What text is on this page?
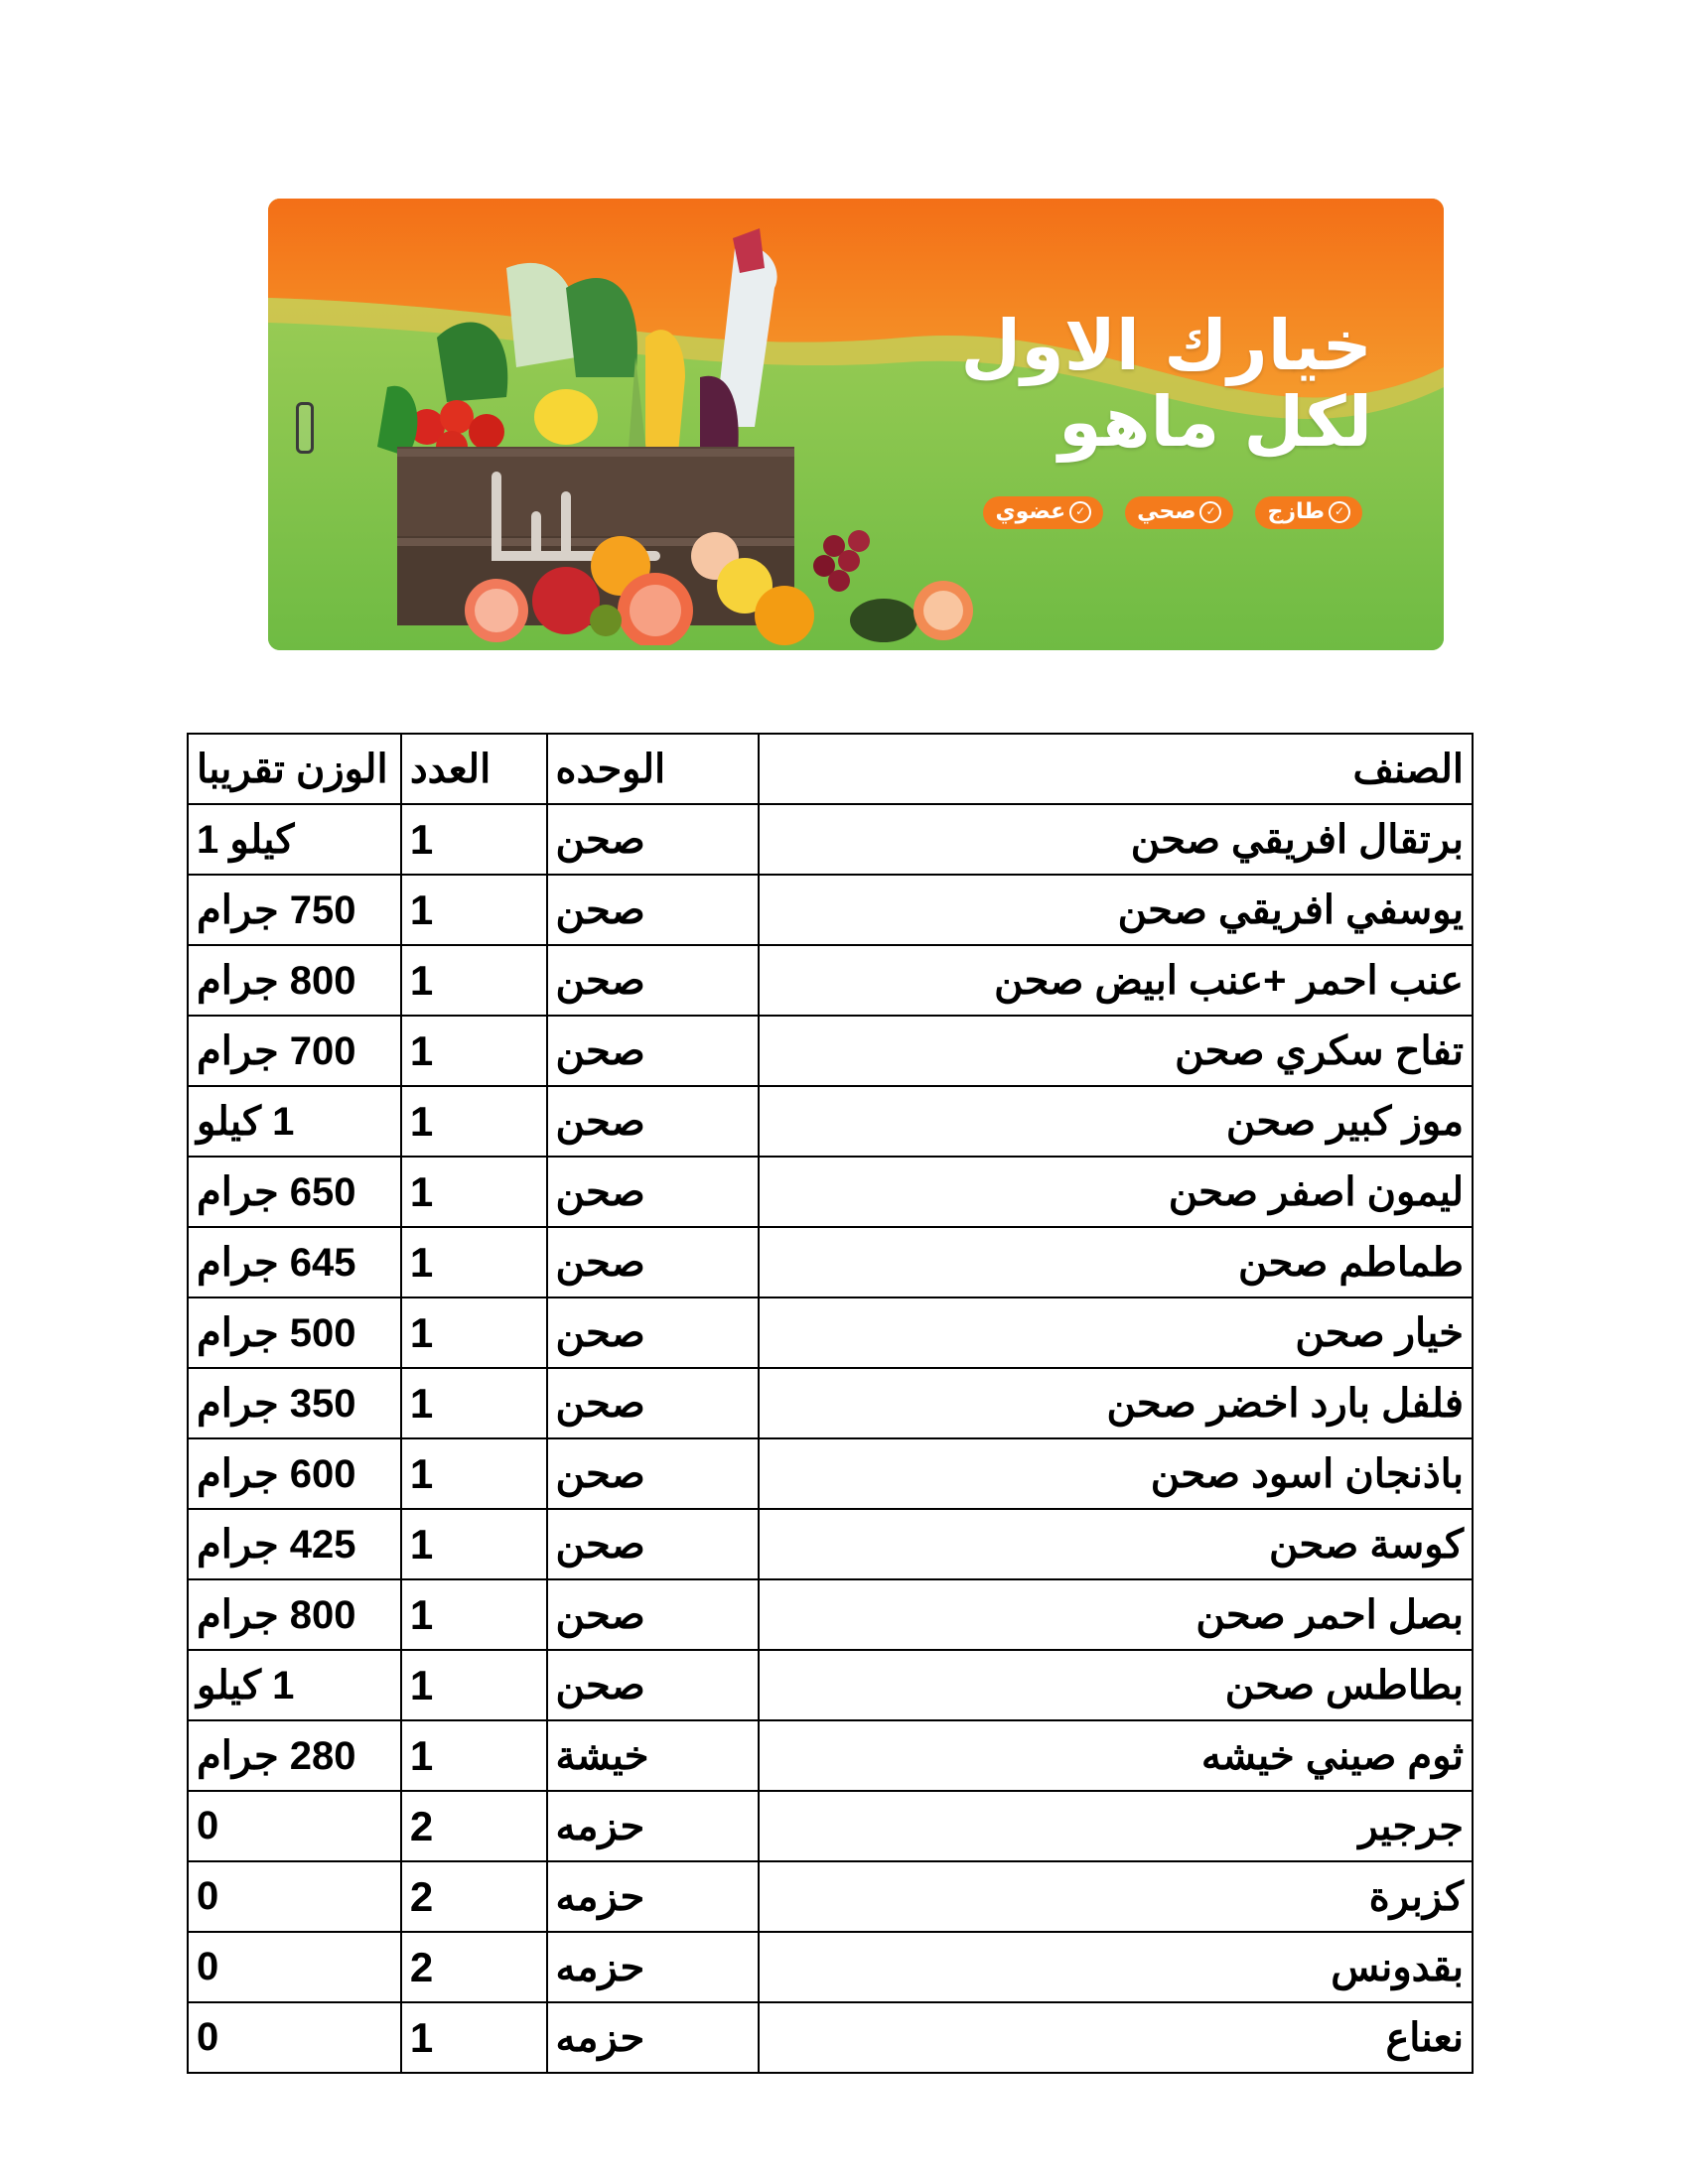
خيارك الاول
لكل ماهو
✓
طازج
✓
صحي
✓
عضوي
الصنف	الوحده	العدد	الوزن تقريبا
برتقال افريقي صحن	صحن	1	كيلو 1
يوسفي افريقي صحن	صحن	1	750 جرام
عنب احمر +عنب ابيض صحن	صحن	1	800 جرام
تفاح سكري صحن	صحن	1	700 جرام
موز كبير صحن	صحن	1	1 كيلو
ليمون اصفر صحن	صحن	1	650 جرام
طماطم صحن	صحن	1	645 جرام
خيار صحن	صحن	1	500 جرام
فلفل بارد اخضر صحن	صحن	1	350 جرام
باذنجان اسود صحن	صحن	1	600 جرام
كوسة صحن	صحن	1	425 جرام
بصل احمر صحن	صحن	1	800 جرام
بطاطس صحن	صحن	1	1 كيلو
ثوم صيني خيشه	خيشة	1	280 جرام
جرجير	حزمه	2	0
كزبرة	حزمه	2	0
بقدونس	حزمه	2	0
نعناع	حزمه	1	0
